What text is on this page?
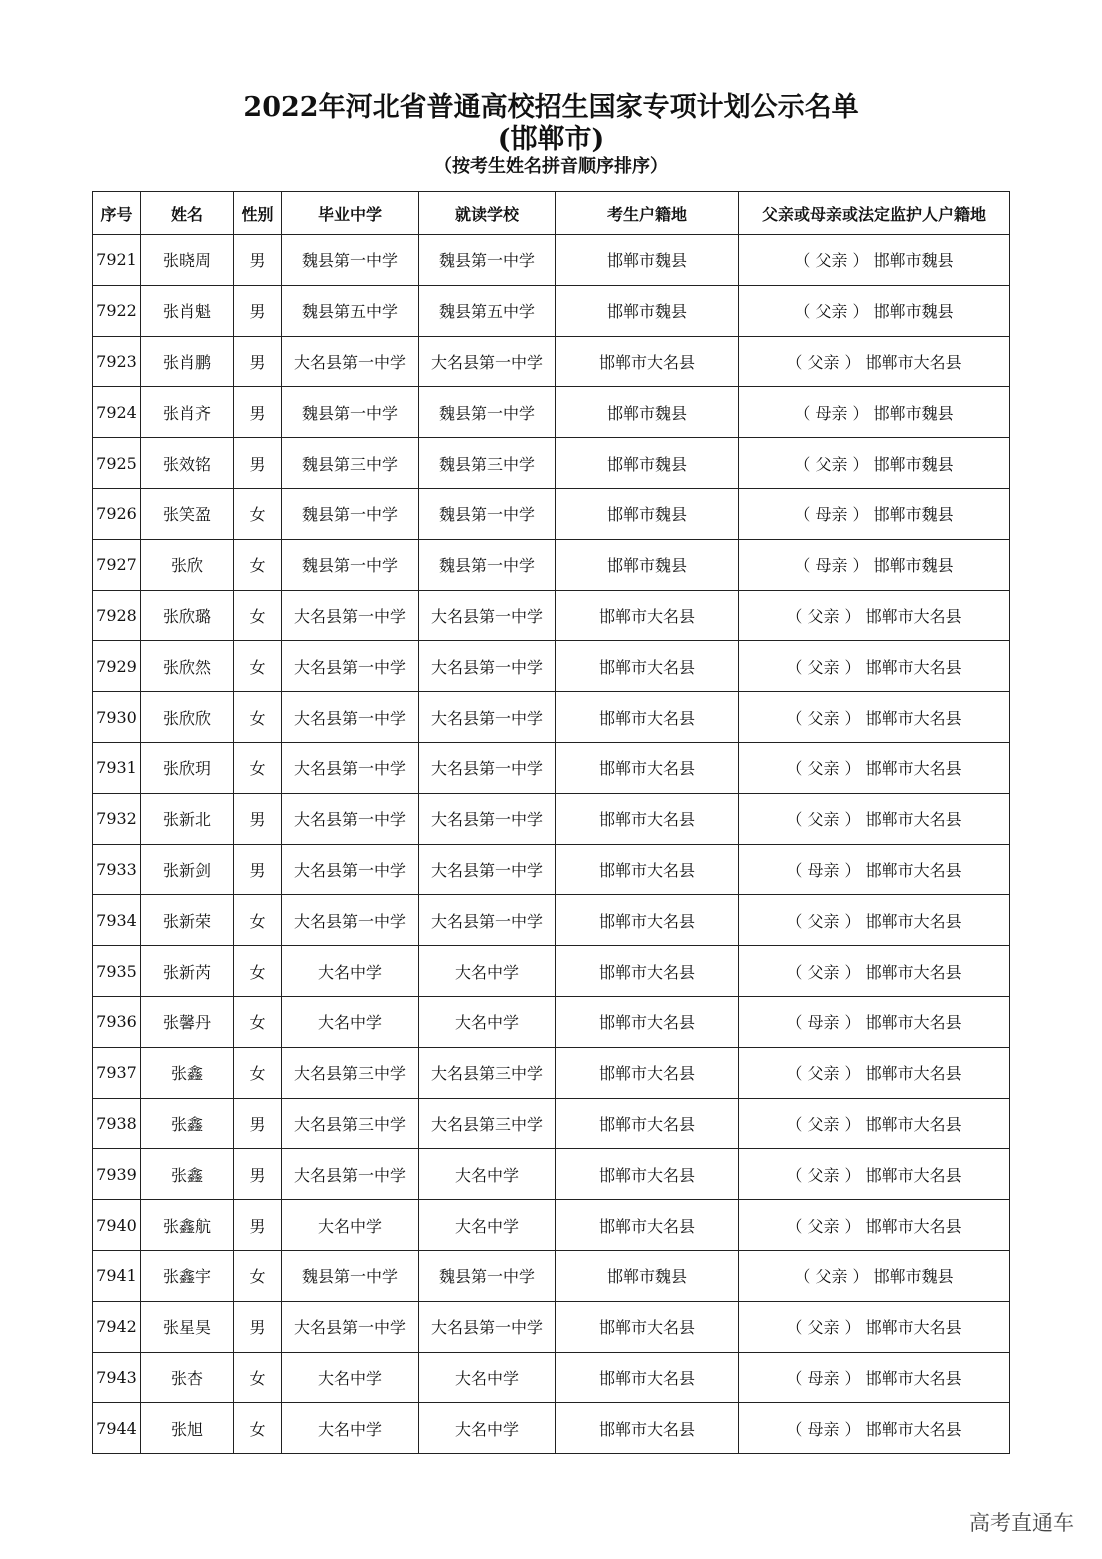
2022年河北省普通高校招生国家专项计划公示名单
(邯郸市)
（按考生姓名拼音顺序排序）
序号	姓名	性别	毕业中学	就读学校	考生户籍地	父亲或母亲或法定监护人户籍地
7921	张晓周	男	魏县第一中学	魏县第一中学	邯郸市魏县	（ 父亲 ） 邯郸市魏县
7922	张肖魁	男	魏县第五中学	魏县第五中学	邯郸市魏县	（ 父亲 ） 邯郸市魏县
7923	张肖鹏	男	大名县第一中学	大名县第一中学	邯郸市大名县	（ 父亲 ） 邯郸市大名县
7924	张肖齐	男	魏县第一中学	魏县第一中学	邯郸市魏县	（ 母亲 ） 邯郸市魏县
7925	张效铭	男	魏县第三中学	魏县第三中学	邯郸市魏县	（ 父亲 ） 邯郸市魏县
7926	张笑盈	女	魏县第一中学	魏县第一中学	邯郸市魏县	（ 母亲 ） 邯郸市魏县
7927	张欣	女	魏县第一中学	魏县第一中学	邯郸市魏县	（ 母亲 ） 邯郸市魏县
7928	张欣璐	女	大名县第一中学	大名县第一中学	邯郸市大名县	（ 父亲 ） 邯郸市大名县
7929	张欣然	女	大名县第一中学	大名县第一中学	邯郸市大名县	（ 父亲 ） 邯郸市大名县
7930	张欣欣	女	大名县第一中学	大名县第一中学	邯郸市大名县	（ 父亲 ） 邯郸市大名县
7931	张欣玥	女	大名县第一中学	大名县第一中学	邯郸市大名县	（ 父亲 ） 邯郸市大名县
7932	张新北	男	大名县第一中学	大名县第一中学	邯郸市大名县	（ 父亲 ） 邯郸市大名县
7933	张新剑	男	大名县第一中学	大名县第一中学	邯郸市大名县	（ 母亲 ） 邯郸市大名县
7934	张新荣	女	大名县第一中学	大名县第一中学	邯郸市大名县	（ 父亲 ） 邯郸市大名县
7935	张新芮	女	大名中学	大名中学	邯郸市大名县	（ 父亲 ） 邯郸市大名县
7936	张馨丹	女	大名中学	大名中学	邯郸市大名县	（ 母亲 ） 邯郸市大名县
7937	张鑫	女	大名县第三中学	大名县第三中学	邯郸市大名县	（ 父亲 ） 邯郸市大名县
7938	张鑫	男	大名县第三中学	大名县第三中学	邯郸市大名县	（ 父亲 ） 邯郸市大名县
7939	张鑫	男	大名县第一中学	大名中学	邯郸市大名县	（ 父亲 ） 邯郸市大名县
7940	张鑫航	男	大名中学	大名中学	邯郸市大名县	（ 父亲 ） 邯郸市大名县
7941	张鑫宇	女	魏县第一中学	魏县第一中学	邯郸市魏县	（ 父亲 ） 邯郸市魏县
7942	张星昊	男	大名县第一中学	大名县第一中学	邯郸市大名县	（ 父亲 ） 邯郸市大名县
7943	张杏	女	大名中学	大名中学	邯郸市大名县	（ 母亲 ） 邯郸市大名县
7944	张旭	女	大名中学	大名中学	邯郸市大名县	（ 母亲 ） 邯郸市大名县
高考直通车
